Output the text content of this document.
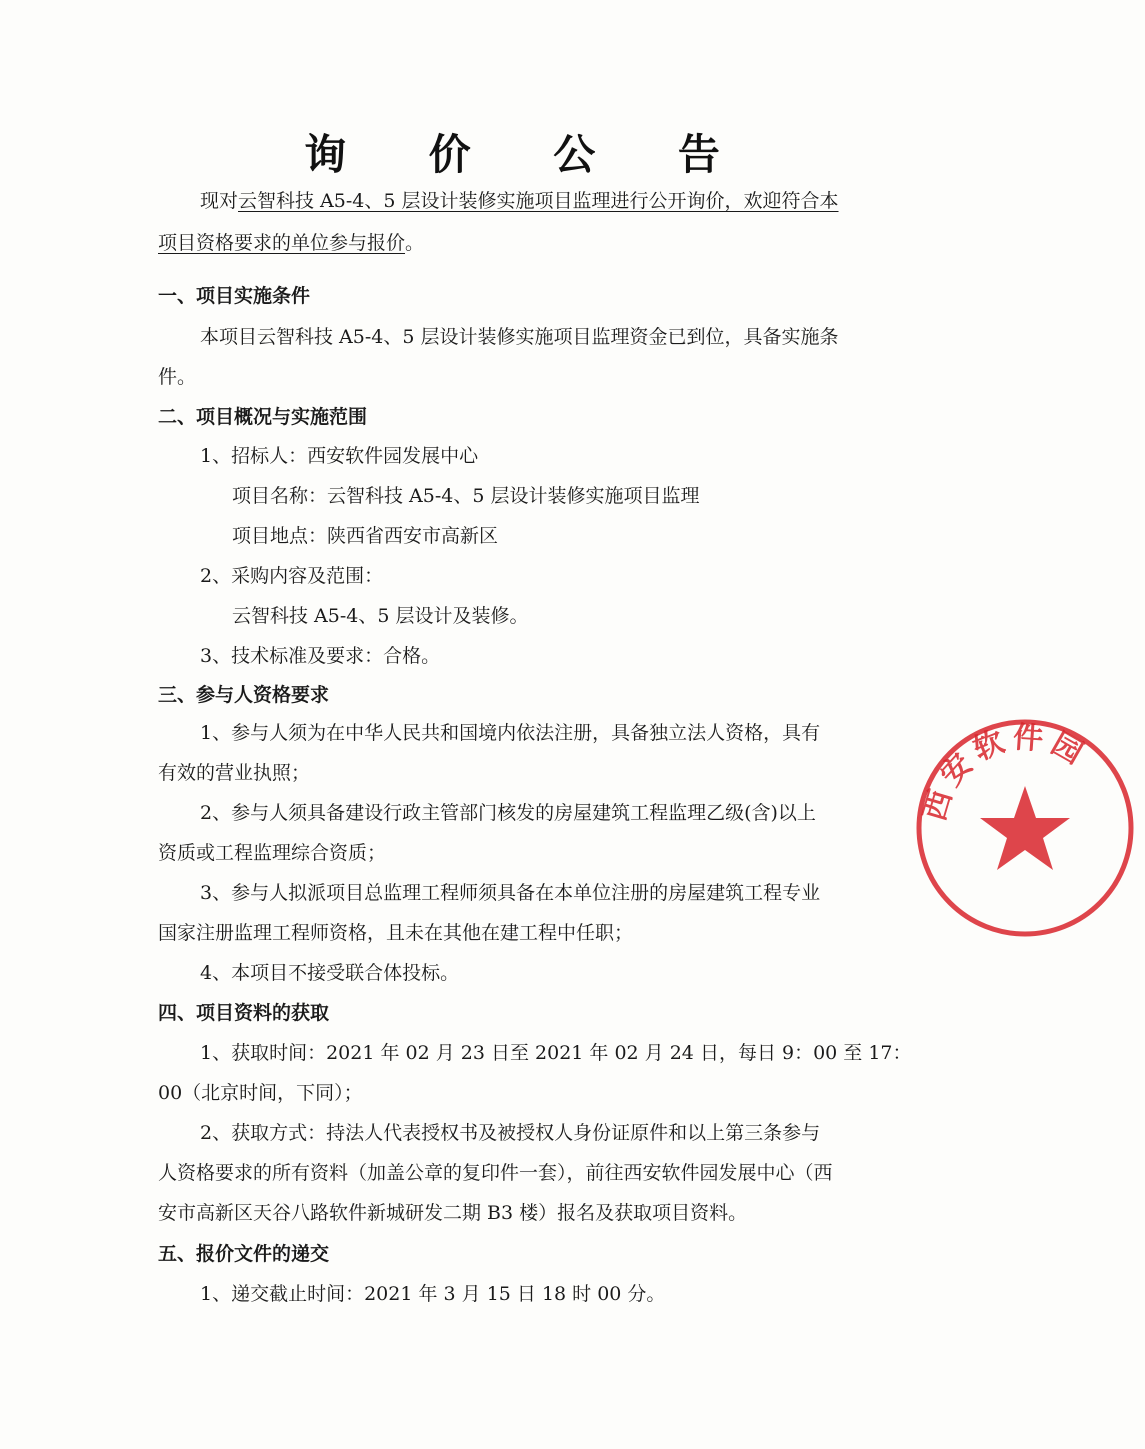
询 价 公 告
现对云智科技 A5-4、5 层设计装修实施项目监理进行公开询价，欢迎符合本
项目资格要求的单位参与报价。
一、项目实施条件
本项目云智科技 A5-4、5 层设计装修实施项目监理资金已到位，具备实施条
件。
二、项目概况与实施范围
1、招标人：西安软件园发展中心
项目名称：云智科技 A5-4、5 层设计装修实施项目监理
项目地点：陕西省西安市高新区
2、采购内容及范围：
云智科技 A5-4、5 层设计及装修。
3、技术标准及要求：合格。
三、参与人资格要求
1、参与人须为在中华人民共和国境内依法注册，具备独立法人资格，具有
有效的营业执照；
2、参与人须具备建设行政主管部门核发的房屋建筑工程监理乙级(含)以上
资质或工程监理综合资质；
3、参与人拟派项目总监理工程师须具备在本单位注册的房屋建筑工程专业
国家注册监理工程师资格，且未在其他在建工程中任职；
4、本项目不接受联合体投标。
四、项目资料的获取
1、获取时间：2021 年 02 月 23 日至 2021 年 02 月 24 日，每日 9：00 至 17：
00（北京时间，下同）；
2、获取方式：持法人代表授权书及被授权人身份证原件和以上第三条参与
人资格要求的所有资料（加盖公章的复印件一套），前往西安软件园发展中心（西
安市高新区天谷八路软件新城研发二期 B3 楼）报名及获取项目资料。
五、报价文件的递交
1、递交截止时间：2021 年 3 月 15 日 18 时 00 分。
西安软件园
